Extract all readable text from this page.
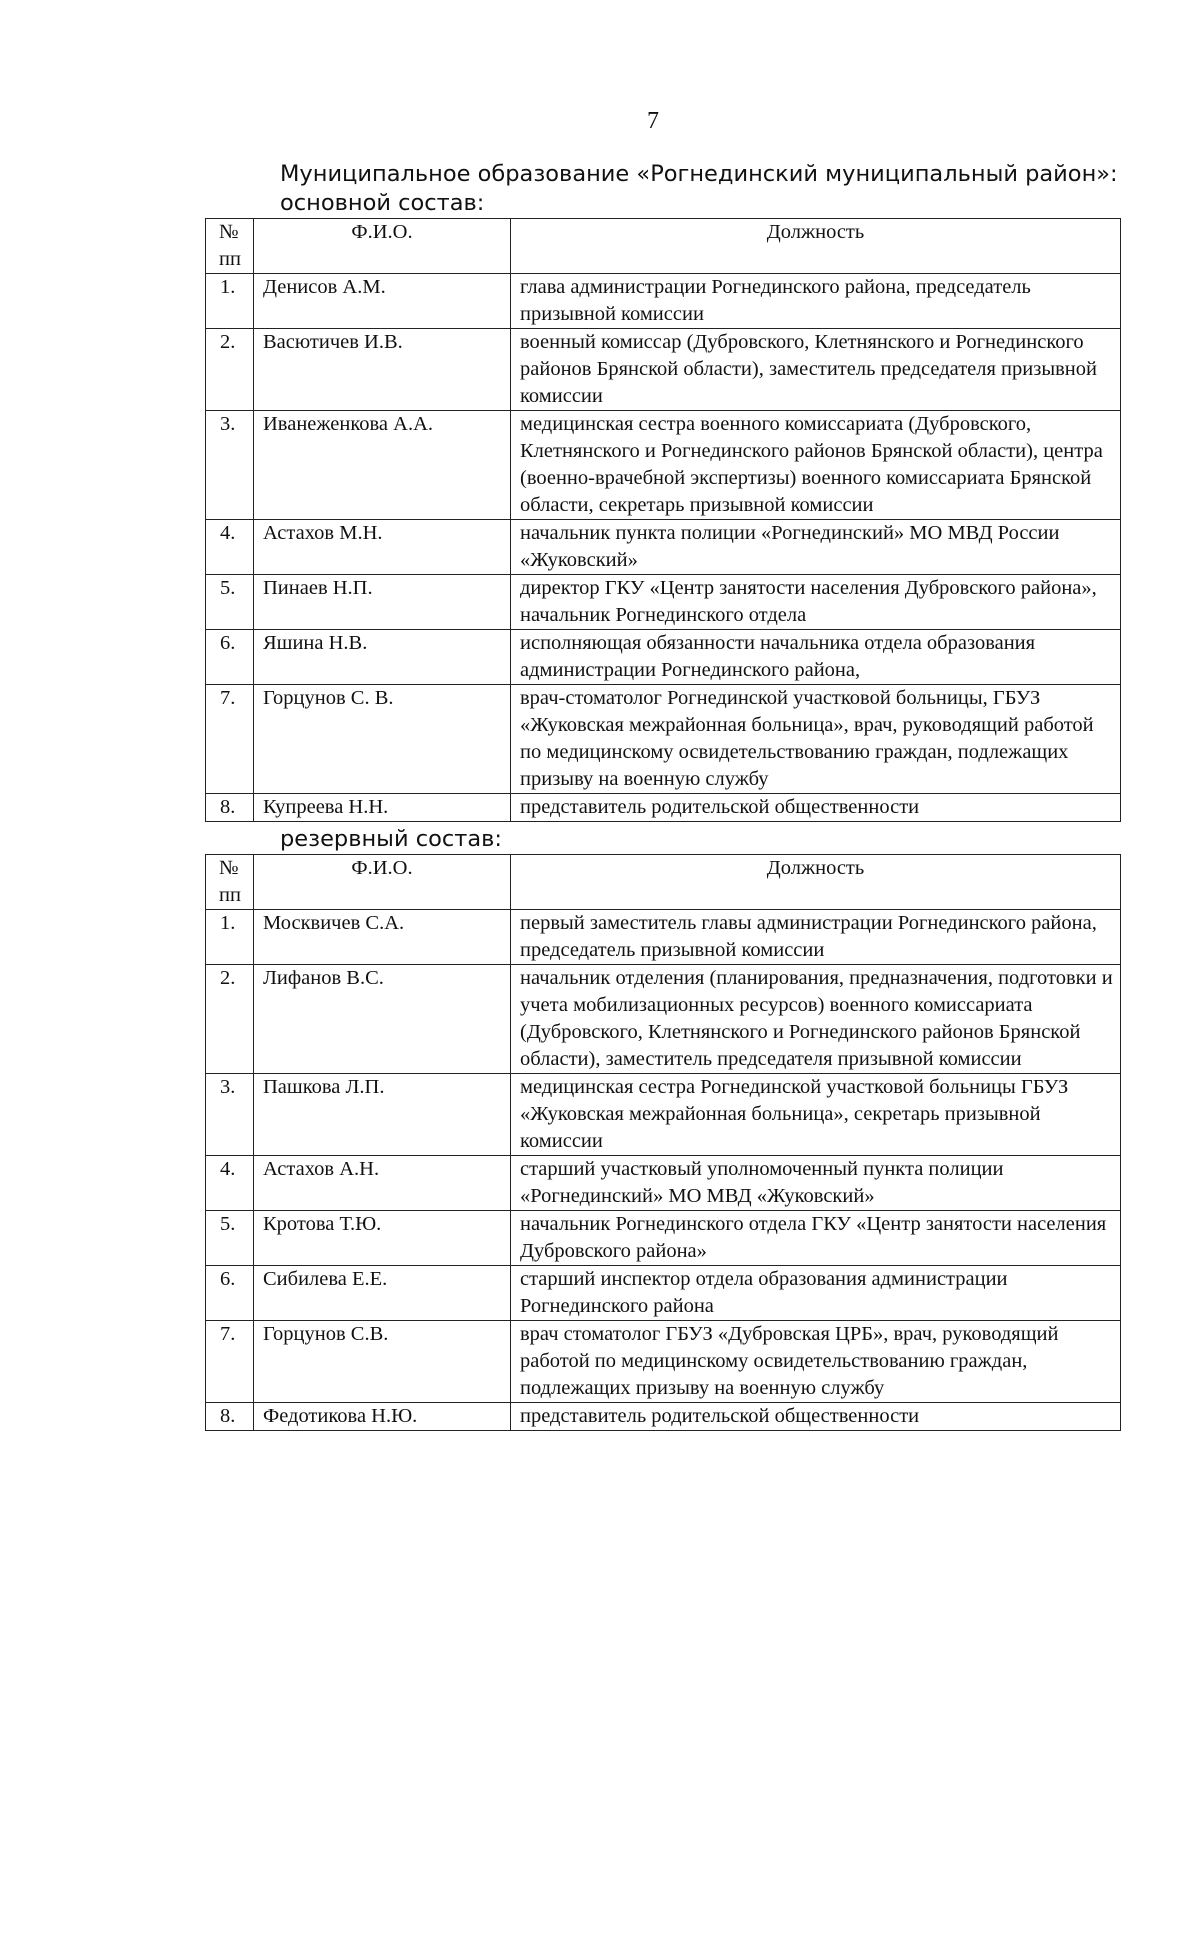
7
Муниципальное образование «Рогнединский муниципальный район»:
основной состав:
№ пп	Ф.И.О.	Должность
1.	Денисов А.М.	глава администрации Рогнединского района, председатель призывной комиссии
2.	Васютичев И.В.	военный комиссар (Дубровского, Клетнянского и Рогнединского районов Брянской области), заместитель председателя призывной комиссии
3.	Иванеженкова А.А.	медицинская сестра военного комиссариата (Дубровского, Клетнянского и Рогнединского районов Брянской области), центра (военно-врачебной экспертизы) военного комиссариата Брянской области, секретарь призывной комиссии
4.	Астахов М.Н.	начальник пункта полиции «Рогнединский» МО МВД России «Жуковский»
5.	Пинаев Н.П.	директор ГКУ «Центр занятости населения Дубровского района», начальник Рогнединского отдела
6.	Яшина Н.В.	исполняющая обязанности начальника отдела образования администрации Рогнединского района,
7.	Горцунов С. В.	врач-стоматолог Рогнединской участковой больницы, ГБУЗ «Жуковская межрайонная больница», врач, руководящий работой по медицинскому освидетельствованию граждан, подлежащих призыву на военную службу
8.	Купреева Н.Н.	представитель родительской общественности
резервный состав:
№ пп	Ф.И.О.	Должность
1.	Москвичев С.А.	первый заместитель главы администрации Рогнединского района, председатель призывной комиссии
2.	Лифанов В.С.	начальник отделения (планирования, предназначения, подготовки и учета мобилизационных ресурсов) военного комиссариата (Дубровского, Клетнянского и Рогнединского районов Брянской области), заместитель председателя призывной комиссии
3.	Пашкова Л.П.	медицинская сестра Рогнединской участковой больницы ГБУЗ «Жуковская межрайонная больница», секретарь призывной комиссии
4.	Астахов А.Н.	старший участковый уполномоченный пункта полиции «Рогнединский» МО МВД «Жуковский»
5.	Кротова Т.Ю.	начальник Рогнединского отдела ГКУ «Центр занятости населения Дубровского района»
6.	Сибилева Е.Е.	старший инспектор отдела образования администрации Рогнединского района
7.	Горцунов С.В.	врач стоматолог ГБУЗ «Дубровская ЦРБ», врач, руководящий работой по медицинскому освидетельствованию граждан, подлежащих призыву на военную службу
8.	Федотикова Н.Ю.	представитель родительской общественности
